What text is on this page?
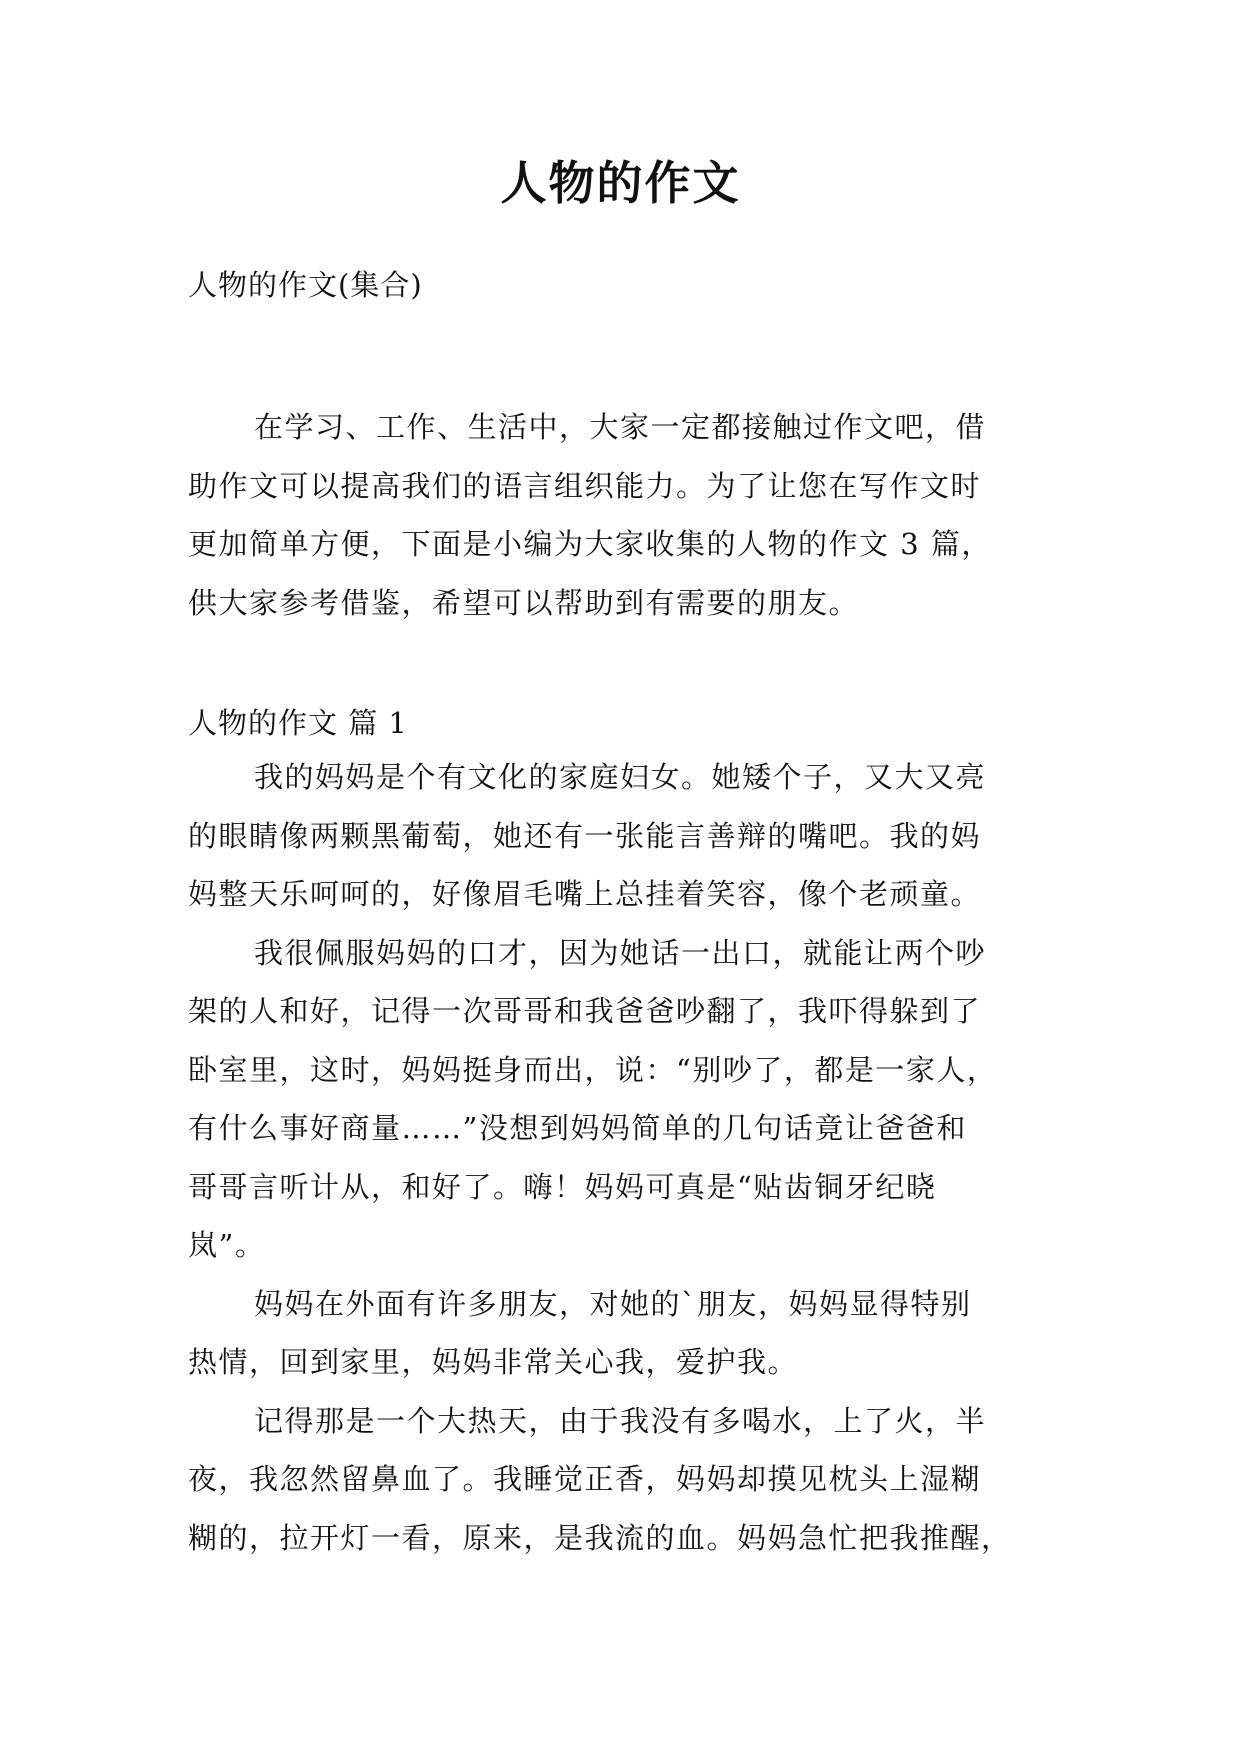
人物的作文

人物的作文(集合)

在学习、工作、生活中，大家一定都接触过作文吧，借
助作文可以提高我们的语言组织能力。为了让您在写作文时
更加简单方便，下面是小编为大家收集的人物的作文 3 篇，
供大家参考借鉴，希望可以帮助到有需要的朋友。

人物的作文 篇 1

我的妈妈是个有文化的家庭妇女。她矮个子，又大又亮
的眼睛像两颗黑葡萄，她还有一张能言善辩的嘴吧。我的妈
妈整天乐呵呵的，好像眉毛嘴上总挂着笑容，像个老顽童。
我很佩服妈妈的口才，因为她话一出口，就能让两个吵
架的人和好，记得一次哥哥和我爸爸吵翻了，我吓得躲到了
卧室里，这时，妈妈挺身而出，说：“别吵了，都是一家人，
有什么事好商量……”没想到妈妈简单的几句话竟让爸爸和
哥哥言听计从，和好了。嗨！妈妈可真是“贴齿铜牙纪晓
岚”。
妈妈在外面有许多朋友，对她的`朋友，妈妈显得特别
热情，回到家里，妈妈非常关心我，爱护我。
记得那是一个大热天，由于我没有多喝水，上了火，半
夜，我忽然留鼻血了。我睡觉正香，妈妈却摸见枕头上湿糊
糊的，拉开灯一看，原来，是我流的血。妈妈急忙把我推醒，
